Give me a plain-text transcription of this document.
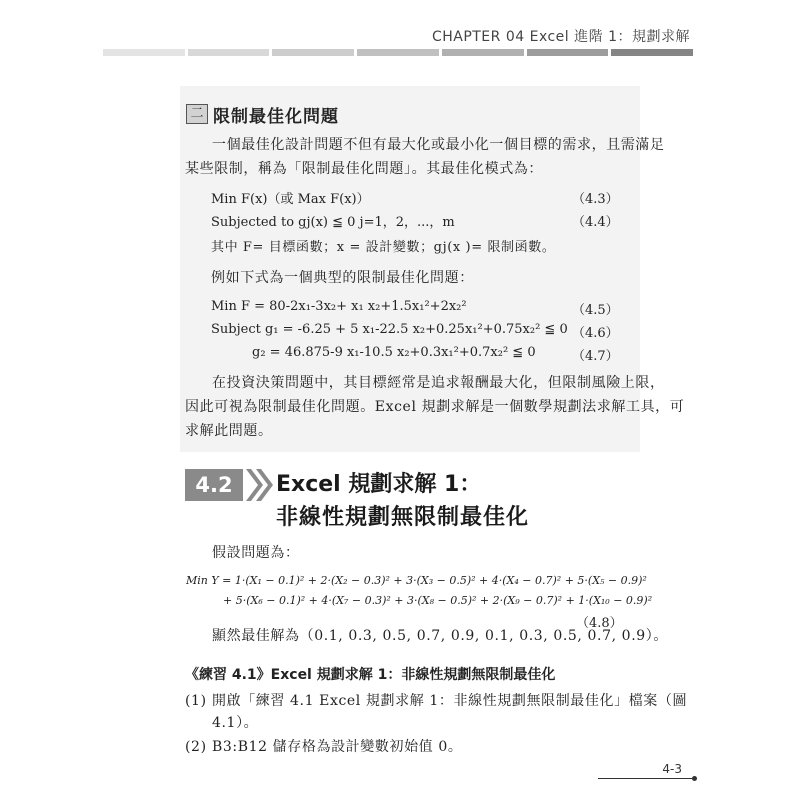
CHAPTER 04 Excel 進階 1：規劃求解
二 限制最佳化問題
一個最佳化設計問題不但有最大化或最小化一個目標的需求，且需滿足
某些限制，稱為「限制最佳化問題」。其最佳化模式為：
Min F(x)（或 Max F(x)）	（4.3）
Subjected to gj(x) ≦ 0 j=1，2，...，m	（4.4）
其中 F= 目標函數；x = 設計變數；gj(x )= 限制函數。
例如下式為一個典型的限制最佳化問題：
Min F = 80-2x₁-3x₂+ x₁ x₂+1.5x₁²+2x₂²	（4.5）
Subject g₁ = -6.25 + 5 x₁-22.5 x₂+0.25x₁²+0.75x₂² ≦ 0 （4.6）
g₂ = 46.875-9 x₁-10.5 x₂+0.3x₁²+0.7x₂² ≦ 0	（4.7）
在投資決策問題中，其目標經常是追求報酬最大化，但限制風險上限，
因此可視為限制最佳化問題。Excel 規劃求解是一個數學規劃法求解工具，可
求解此問題。
4.2	Excel 規劃求解 1：
非線性規劃無限制最佳化
假設問題為：
Min Y = 1·(X₁ − 0.1)² + 2·(X₂ − 0.3)² + 3·(X₃ − 0.5)² + 4·(X₄ − 0.7)² + 5·(X₅ − 0.9)²
+ 5·(X₆ − 0.1)² + 4·(X₇ − 0.3)² + 3·(X₈ − 0.5)² + 2·(X₉ − 0.7)² + 1·(X₁₀ − 0.9)²
（4.8）
顯然最佳解為（0.1, 0.3, 0.5, 0.7, 0.9, 0.1, 0.3, 0.5, 0.7, 0.9）。
《練習 4.1》Excel 規劃求解 1：非線性規劃無限制最佳化
(1) 開啟「練習 4.1 Excel 規劃求解 1：非線性規劃無限制最佳化」檔案（圖
4.1）。
(2) B3:B12 儲存格為設計變數初始值 0。
4-3
